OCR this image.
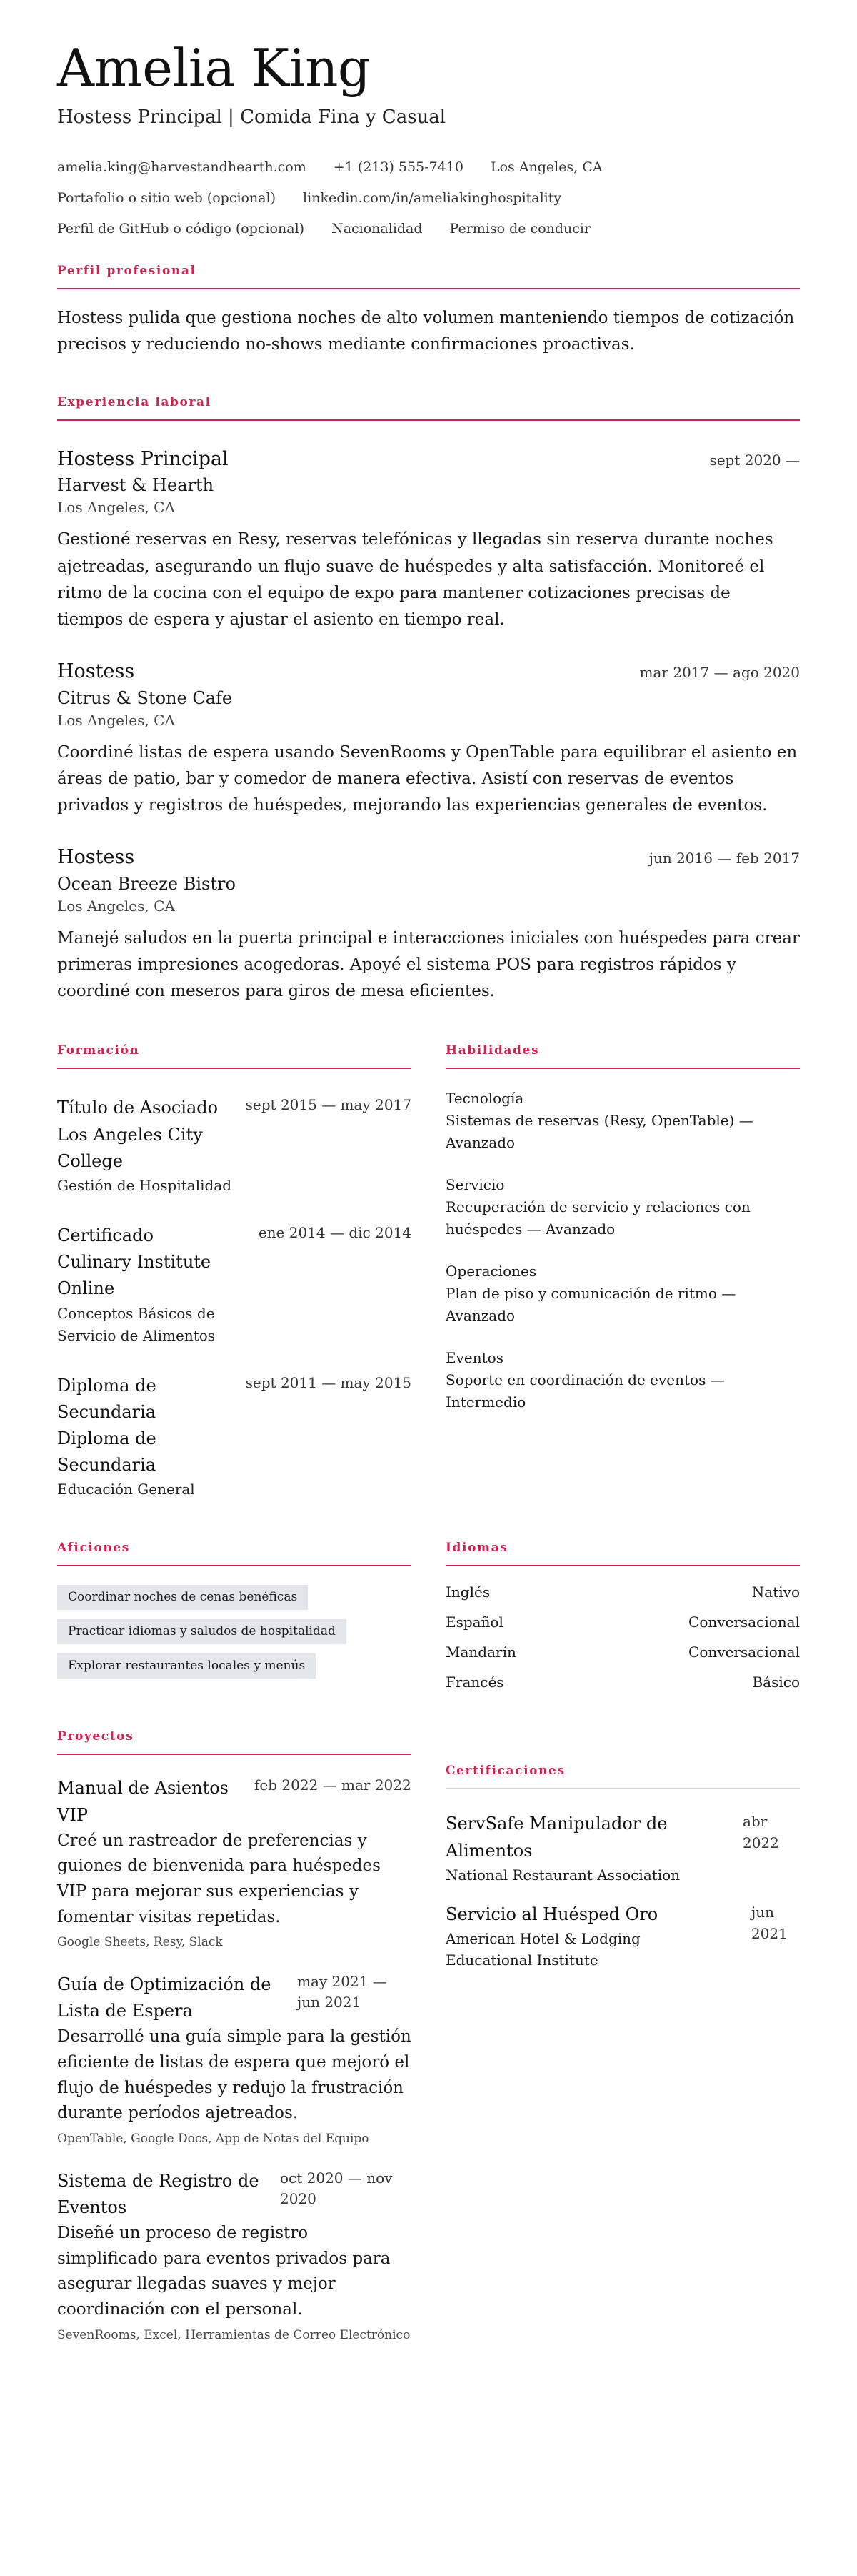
Amelia King
Hostess Principal | Comida Fina y Casual
amelia.king@harvestandhearth.com +1 (213) 555-7410 Los Angeles, CA
Portafolio o sitio web (opcional) linkedin.com/in/ameliakinghospitality
Perfil de GitHub o código (opcional) Nacionalidad Permiso de conducir
Perfil profesional

Hostess pulida que gestiona noches de alto volumen manteniendo tiempos de cotización precisos y reduciendo no-shows mediante confirmaciones proactivas.

Experiencia laboral
Hostess Principal	sept 2020 —
Harvest & Hearth
Los Angeles, CA

Gestioné reservas en Resy, reservas telefónicas y llegadas sin reserva durante noches ajetreadas, asegurando un flujo suave de huéspedes y alta satisfacción. Monitoreé el ritmo de la cocina con el equipo de expo para mantener cotizaciones precisas de tiempos de espera y ajustar el asiento en tiempo real.

Hostess	mar 2017 — ago 2020
Citrus & Stone Cafe
Los Angeles, CA

Coordiné listas de espera usando SevenRooms y OpenTable para equilibrar el asiento en áreas de patio, bar y comedor de manera efectiva. Asistí con reservas de eventos privados y registros de huéspedes, mejorando las experiencias generales de eventos.

Hostess	jun 2016 — feb 2017
Ocean Breeze Bistro
Los Angeles, CA

Manejé saludos en la puerta principal e interacciones iniciales con huéspedes para crear primeras impresiones acogedoras. Apoyé el sistema POS para registros rápidos y coordiné con meseros para giros de mesa eficientes.

Formación
Título de Asociado
Los Angeles City College
sept 2015 — may 2017
Gestión de Hospitalidad
Certificado
Culinary Institute Online
ene 2014 — dic 2014
Conceptos Básicos de Servicio de Alimentos
Diploma de Secundaria
Diploma de Secundaria
sept 2011 — may 2015
Educación General
Habilidades
Tecnología
Sistemas de reservas (Resy, OpenTable) — Avanzado
Servicio
Recuperación de servicio y relaciones con huéspedes — Avanzado
Operaciones
Plan de piso y comunicación de ritmo — Avanzado
Eventos
Soporte en coordinación de eventos — Intermedio
Aficiones
Coordinar noches de cenas benéficas
Practicar idiomas y saludos de hospitalidad
Explorar restaurantes locales y menús
Idiomas
Inglés	Nativo
Español	Conversacional
Mandarín	Conversacional
Francés	Básico
Proyectos
Manual de Asientos VIP
feb 2022 — mar 2022

Creé un rastreador de preferencias y guiones de bienvenida para huéspedes VIP para mejorar sus experiencias y fomentar visitas repetidas.

Google Sheets, Resy, Slack
Guía de Optimización de Lista de Espera
may 2021 — jun 2021

Desarrollé una guía simple para la gestión eficiente de listas de espera que mejoró el flujo de huéspedes y redujo la frustración durante períodos ajetreados.

OpenTable, Google Docs, App de Notas del Equipo
Sistema de Registro de Eventos
oct 2020 — nov 2020

Diseñé un proceso de registro simplificado para eventos privados para asegurar llegadas suaves y mejor coordinación con el personal.

SevenRooms, Excel, Herramientas de Correo Electrónico
Certificaciones
ServSafe Manipulador de Alimentos
National Restaurant Association
abr 2022
Servicio al Huésped Oro
American Hotel & Lodging Educational Institute
jun 2021
